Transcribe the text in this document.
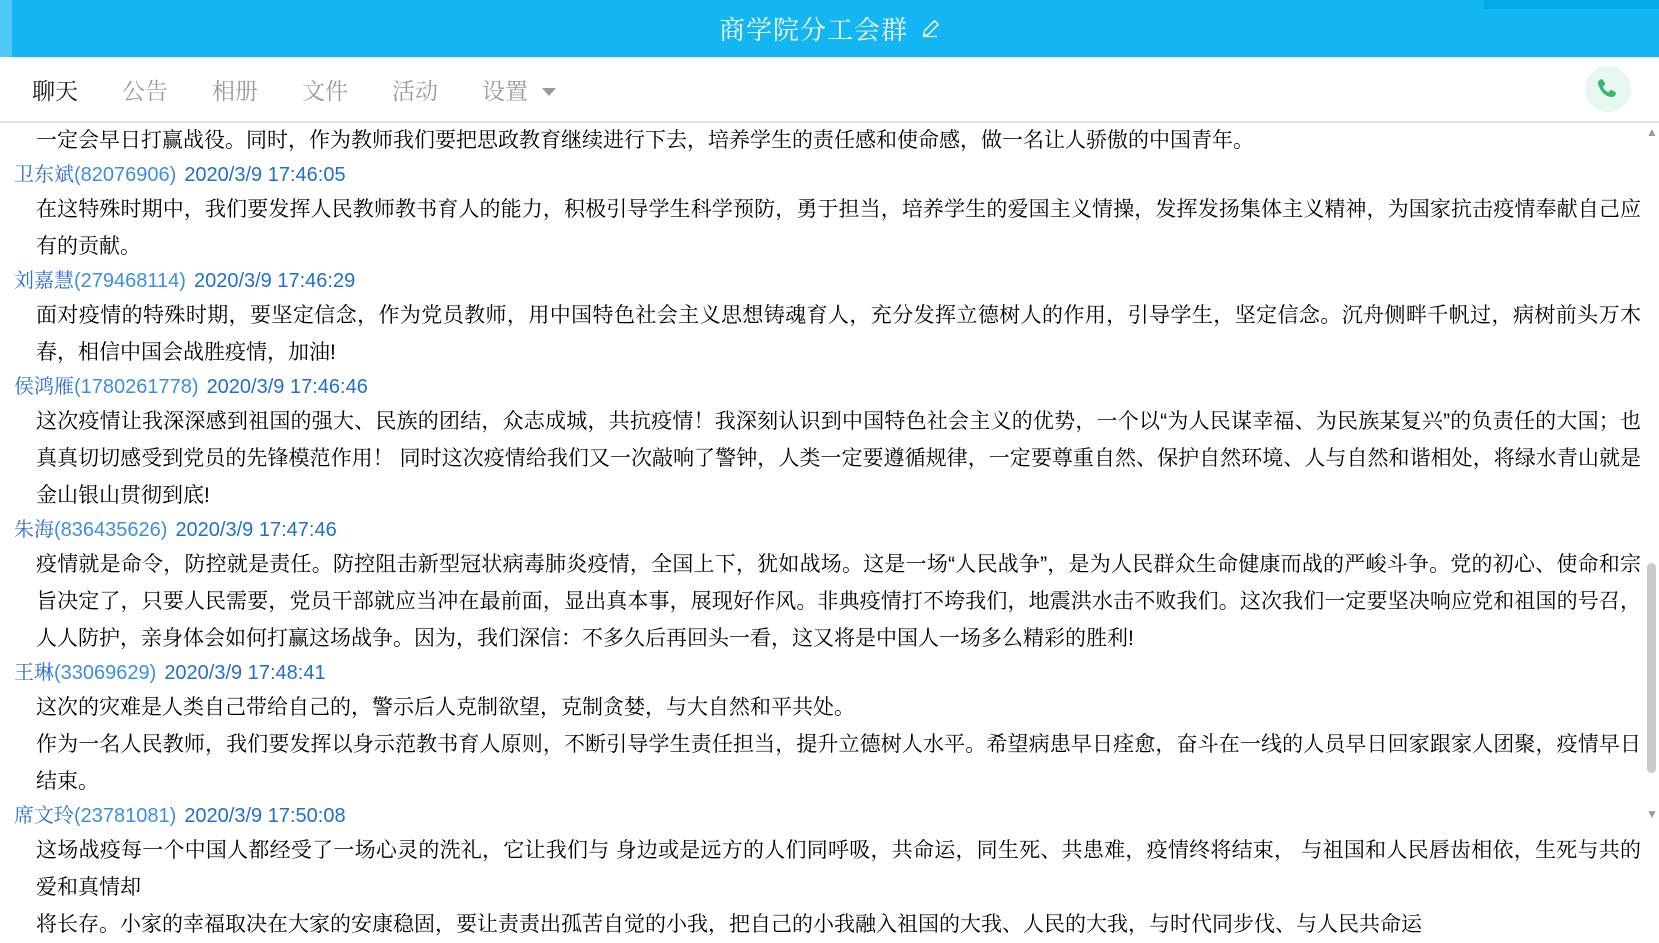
商学院分工会群
聊天	公告	相册	文件	活动	设置
一定会早日打赢战役。同时，作为教师我们要把思政教育继续进行下去，培养学生的责任感和使命感，做一名让人骄傲的中国青年。
卫东斌(82076906) 2020/3/9 17:46:05
在这特殊时期中，我们要发挥人民教师教书育人的能力，积极引导学生科学预防，勇于担当，培养学生的爱国主义情操，发挥发扬集体主义精神，为国家抗击疫情奉献自己应有的贡献。
刘嘉慧(279468114) 2020/3/9 17:46:29
面对疫情的特殊时期，要坚定信念，作为党员教师，用中国特色社会主义思想铸魂育人，充分发挥立德树人的作用，引导学生，坚定信念。沉舟侧畔千帆过，病树前头万木春，相信中国会战胜疫情，加油!
侯鸿雁(1780261778) 2020/3/9 17:46:46
这次疫情让我深深感到祖国的强大、民族的团结，众志成城，共抗疫情！我深刻认识到中国特色社会主义的优势，一个以“为人民谋幸福、为民族某复兴”的负责任的大国；也真真切切感受到党员的先锋模范作用！ 同时这次疫情给我们又一次敲响了警钟，人类一定要遵循规律，一定要尊重自然、保护自然环境、人与自然和谐相处，将绿水青山就是金山银山贯彻到底!
朱海(836435626) 2020/3/9 17:47:46
疫情就是命令，防控就是责任。防控阻击新型冠状病毒肺炎疫情，全国上下，犹如战场。这是一场“人民战争”，是为人民群众生命健康而战的严峻斗争。党的初心、使命和宗旨决定了，只要人民需要，党员干部就应当冲在最前面，显出真本事，展现好作风。非典疫情打不垮我们，地震洪水击不败我们。这次我们一定要坚决响应党和祖国的号召，人人防护，亲身体会如何打赢这场战争。因为，我们深信：不多久后再回头一看，这又将是中国人一场多么精彩的胜利!
王琳(33069629) 2020/3/9 17:48:41
这次的灾难是人类自己带给自己的，警示后人克制欲望，克制贪婪，与大自然和平共处。
作为一名人民教师，我们要发挥以身示范教书育人原则，不断引导学生责任担当，提升立德树人水平。希望病患早日痊愈，奋斗在一线的人员早日回家跟家人团聚，疫情早日结束。
席文玲(23781081) 2020/3/9 17:50:08
这场战疫每一个中国人都经受了一场心灵的洗礼，它让我们与 身边或是远方的人们同呼吸，共命运，同生死、共患难，疫情终将结束， 与祖国和人民唇齿相依，生死与共的爱和真情却
将长存。小家的幸福取决在大家的安康稳固，要让责责出孤苦自觉的小我，把自己的小我融入祖国的大我、人民的大我，与时代同步伐、与人民共命运
▲
▼
